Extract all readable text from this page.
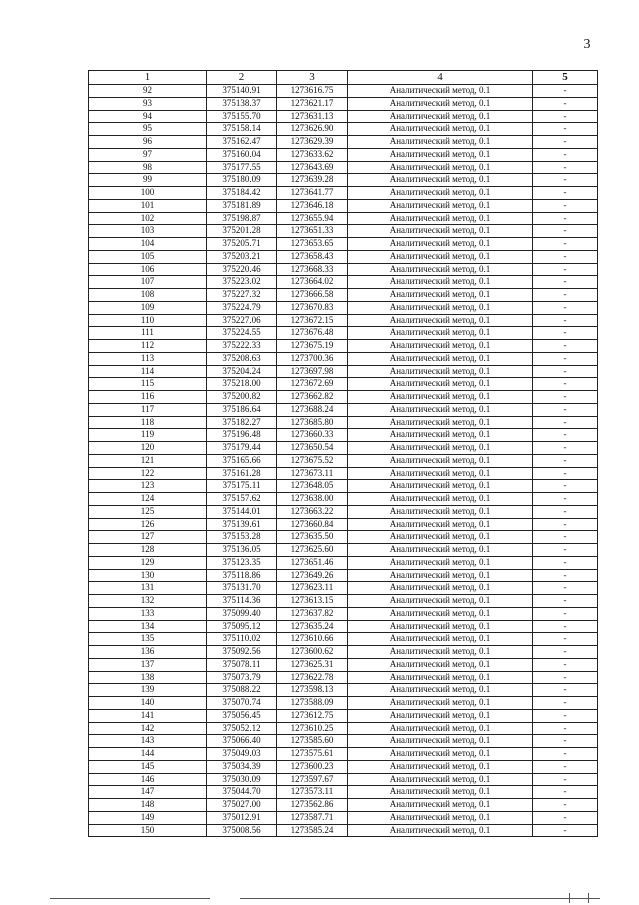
3
1	2	3	4	5
92	375140.91	1273616.75	Аналитический метод, 0.1	-
93	375138.37	1273621.17	Аналитический метод, 0.1	-
94	375155.70	1273631.13	Аналитический метод, 0.1	-
95	375158.14	1273626.90	Аналитический метод, 0.1	-
96	375162.47	1273629.39	Аналитический метод, 0.1	-
97	375160.04	1273633.62	Аналитический метод, 0.1	-
98	375177.55	1273643.69	Аналитический метод, 0.1	-
99	375180.09	1273639.28	Аналитический метод, 0.1	-
100	375184.42	1273641.77	Аналитический метод, 0.1	-
101	375181.89	1273646.18	Аналитический метод, 0.1	-
102	375198.87	1273655.94	Аналитический метод, 0.1	-
103	375201.28	1273651.33	Аналитический метод, 0.1	-
104	375205.71	1273653.65	Аналитический метод, 0.1	-
105	375203.21	1273658.43	Аналитический метод, 0.1	-
106	375220.46	1273668.33	Аналитический метод, 0.1	-
107	375223.02	1273664.02	Аналитический метод, 0.1	-
108	375227.32	1273666.58	Аналитический метод, 0.1	-
109	375224.79	1273670.83	Аналитический метод, 0.1	-
110	375227.06	1273672.15	Аналитический метод, 0.1	-
111	375224.55	1273676.48	Аналитический метод, 0.1	-
112	375222.33	1273675.19	Аналитический метод, 0.1	-
113	375208.63	1273700.36	Аналитический метод, 0.1	-
114	375204.24	1273697.98	Аналитический метод, 0.1	-
115	375218.00	1273672.69	Аналитический метод, 0.1	-
116	375200.82	1273662.82	Аналитический метод, 0.1	-
117	375186.64	1273688.24	Аналитический метод, 0.1	-
118	375182.27	1273685.80	Аналитический метод, 0.1	-
119	375196.48	1273660.33	Аналитический метод, 0.1	-
120	375179.44	1273650.54	Аналитический метод, 0.1	-
121	375165.66	1273675.52	Аналитический метод, 0.1	-
122	375161.28	1273673.11	Аналитический метод, 0.1	-
123	375175.11	1273648.05	Аналитический метод, 0.1	-
124	375157.62	1273638.00	Аналитический метод, 0.1	-
125	375144.01	1273663.22	Аналитический метод, 0.1	-
126	375139.61	1273660.84	Аналитический метод, 0.1	-
127	375153.28	1273635.50	Аналитический метод, 0.1	-
128	375136.05	1273625.60	Аналитический метод, 0.1	-
129	375123.35	1273651.46	Аналитический метод, 0.1	-
130	375118.86	1273649.26	Аналитический метод, 0.1	-
131	375131.70	1273623.11	Аналитический метод, 0.1	-
132	375114.36	1273613.15	Аналитический метод, 0.1	-
133	375099.40	1273637.82	Аналитический метод, 0.1	-
134	375095.12	1273635.24	Аналитический метод, 0.1	-
135	375110.02	1273610.66	Аналитический метод, 0.1	-
136	375092.56	1273600.62	Аналитический метод, 0.1	-
137	375078.11	1273625.31	Аналитический метод, 0.1	-
138	375073.79	1273622.78	Аналитический метод, 0.1	-
139	375088.22	1273598.13	Аналитический метод, 0.1	-
140	375070.74	1273588.09	Аналитический метод, 0.1	-
141	375056.45	1273612.75	Аналитический метод, 0.1	-
142	375052.12	1273610.25	Аналитический метод, 0.1	-
143	375066.40	1273585.60	Аналитический метод, 0.1	-
144	375049.03	1273575.61	Аналитический метод, 0.1	-
145	375034.39	1273600.23	Аналитический метод, 0.1	-
146	375030.09	1273597.67	Аналитический метод, 0.1	-
147	375044.70	1273573.11	Аналитический метод, 0.1	-
148	375027.00	1273562.86	Аналитический метод, 0.1	-
149	375012.91	1273587.71	Аналитический метод, 0.1	-
150	375008.56	1273585.24	Аналитический метод, 0.1	-
